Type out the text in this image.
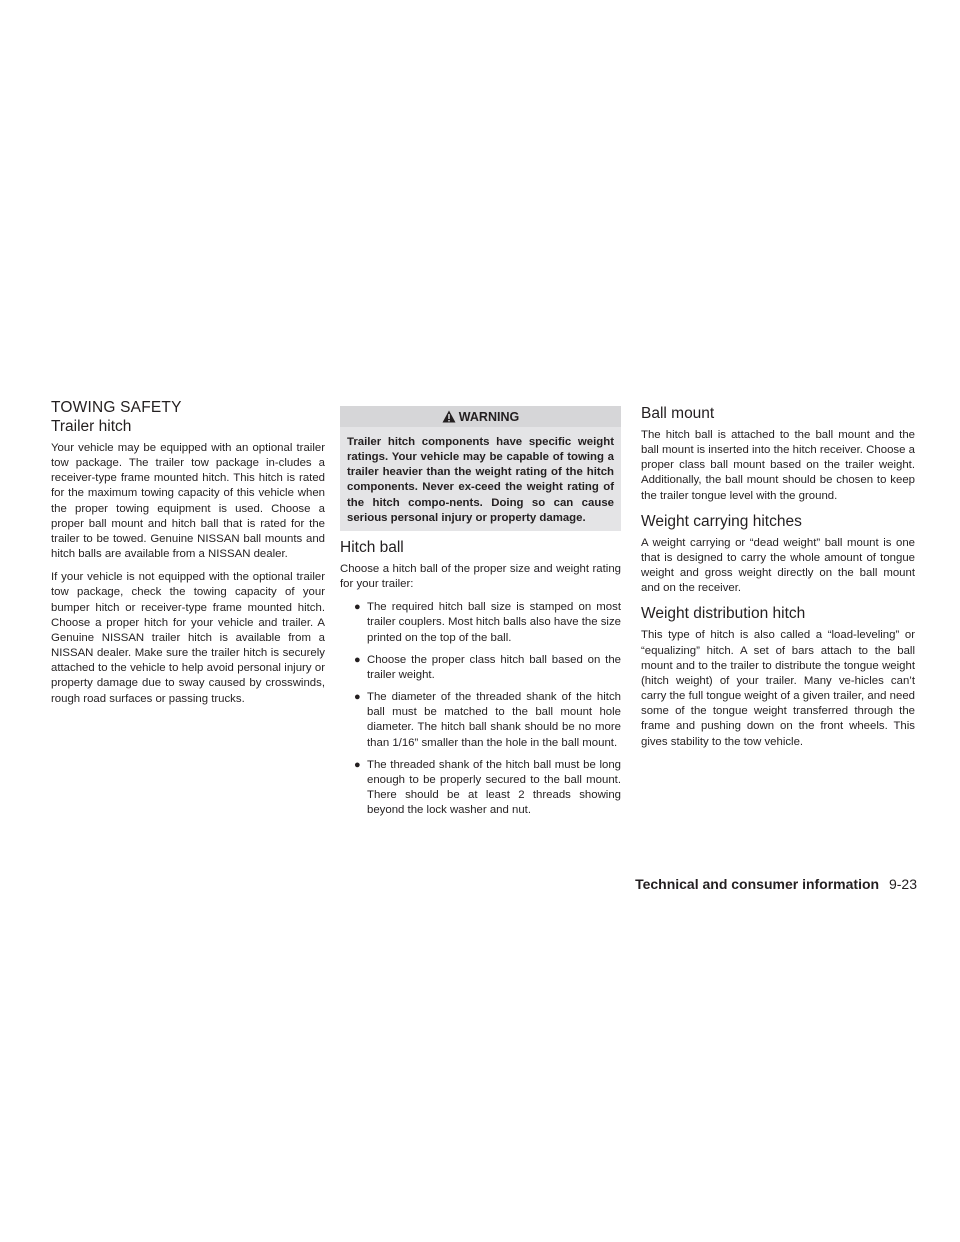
TOWING SAFETY
Trailer hitch

Your vehicle may be equipped with an optional trailer tow package. The trailer tow package in-cludes a receiver-type frame mounted hitch. This hitch is rated for the maximum towing capacity of this vehicle when the proper towing equipment is used. Choose a proper ball mount and hitch ball that is rated for the trailer to be towed. Genuine NISSAN ball mounts and hitch balls are available from a NISSAN dealer.

If your vehicle is not equipped with the optional trailer tow package, check the towing capacity of your bumper hitch or receiver-type frame mounted hitch. Choose a proper hitch for your vehicle and trailer. A Genuine NISSAN trailer hitch is available from a NISSAN dealer. Make sure the trailer hitch is securely attached to the vehicle to help avoid personal injury or property damage due to sway caused by crosswinds, rough road surfaces or passing trucks.

WARNING

Trailer hitch components have specific weight ratings. Your vehicle may be capable of towing a trailer heavier than the weight rating of the hitch components. Never ex-ceed the weight rating of the hitch compo-nents. Doing so can cause serious personal injury or property damage.

Hitch ball

Choose a hitch ball of the proper size and weight rating for your trailer:

● The required hitch ball size is stamped on most trailer couplers. Most hitch balls also have the size printed on the top of the ball.
● Choose the proper class hitch ball based on the trailer weight.
● The diameter of the threaded shank of the hitch ball must be matched to the ball mount hole diameter. The hitch ball shank should be no more than 1/16” smaller than the hole in the ball mount.
● The threaded shank of the hitch ball must be long enough to be properly secured to the ball mount. There should be at least 2 threads showing beyond the lock washer and nut.
Ball mount

The hitch ball is attached to the ball mount and the ball mount is inserted into the hitch receiver. Choose a proper class ball mount based on the trailer weight. Additionally, the ball mount should be chosen to keep the trailer tongue level with the ground.

Weight carrying hitches

A weight carrying or “dead weight” ball mount is one that is designed to carry the whole amount of tongue weight and gross weight directly on the ball mount and on the receiver.

Weight distribution hitch

This type of hitch is also called a “load-leveling” or “equalizing” hitch. A set of bars attach to the ball mount and to the trailer to distribute the tongue weight (hitch weight) of your trailer. Many ve-hicles can’t carry the full tongue weight of a given trailer, and need some of the tongue weight transferred through the frame and pushing down on the front wheels. This gives stability to the tow vehicle.

Technical and consumer information 9-23
